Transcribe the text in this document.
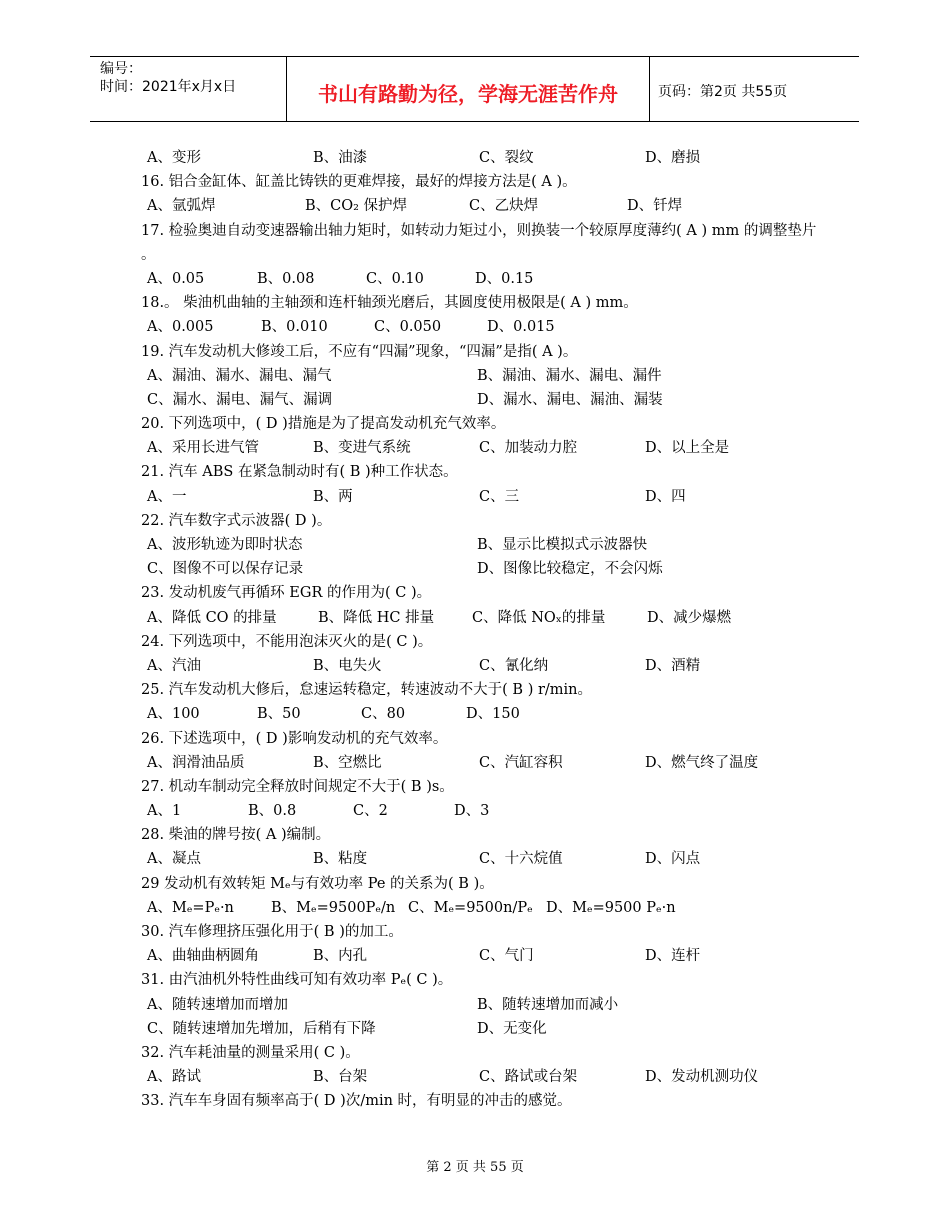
编号：
时间：2021年x月x日	书山有路勤为径，学海无涯苦作舟	页码：第2页 共55页
A、变形	B、油漆	C、裂纹	D、磨损
16. 铝合金缸体、缸盖比铸铁的更难焊接，最好的焊接方法是( A )。
A、氩弧焊	B、CO₂ 保护焊	C、乙炔焊	D、钎焊
17. 检验奥迪自动变速器输出轴力矩时，如转动力矩过小，则换装一个较原厚度薄约( A ) mm 的调整垫片 。
A、0.05	B、0.08	C、0.10	D、0.15
18.。 柴油机曲轴的主轴颈和连杆轴颈光磨后，其圆度使用极限是( A ) mm。
A、0.005	B、0.010	C、0.050	D、0.015
19. 汽车发动机大修竣工后，不应有“四漏”现象，“四漏”是指( A )。
A、漏油、漏水、漏电、漏气	B、漏油、漏水、漏电、漏件
C、漏水、漏电、漏气、漏调	D、漏水、漏电、漏油、漏装
20. 下列选项中，( D )措施是为了提高发动机充气效率。
A、采用长进气管	B、变进气系统	C、加装动力腔	D、以上全是
21. 汽车 ABS 在紧急制动时有( B )种工作状态。
A、一	B、两	C、三	D、四
22. 汽车数字式示波器( D )。
A、波形轨迹为即时状态	B、显示比模拟式示波器快
C、图像不可以保存记录	D、图像比较稳定，不会闪烁
23. 发动机废气再循环 EGR 的作用为( C )。
A、降低 CO 的排量	B、降低 HC 排量	C、降低 NOₓ的排量	D、减少爆燃
24. 下列选项中，不能用泡沫灭火的是( C )。
A、汽油	B、电失火	C、氰化纳	D、酒精
25. 汽车发动机大修后，怠速运转稳定，转速波动不大于( B ) r/min。
A、100	B、50	C、80	D、150
26. 下述选项中，( D )影响发动机的充气效率。
A、润滑油品质	B、空燃比	C、汽缸容积	D、燃气终了温度
27. 机动车制动完全释放时间规定不大于( B )s。
A、1	B、0.8	C、2	D、3
28. 柴油的牌号按( A )编制。
A、凝点	B、粘度	C、十六烷值	D、闪点
29 发动机有效转矩 Mₑ与有效功率 Pe 的关系为( B )。
A、Mₑ=Pₑ·n	B、Mₑ=9500Pₑ/n C、Mₑ=9500n/Pₑ D、Mₑ=9500 Pₑ·n
30. 汽车修理挤压强化用于( B )的加工。
A、曲轴曲柄圆角	B、内孔	C、气门	D、连杆
31. 由汽油机外特性曲线可知有效功率 Pₑ( C )。
A、随转速增加而增加	B、随转速增加而减小
C、随转速增加先增加，后稍有下降	D、无变化
32. 汽车耗油量的测量采用( C )。
A、路试	B、台架	C、路试或台架	D、发动机测功仪
33. 汽车车身固有频率高于( D )次/min 时，有明显的冲击的感觉。
第 2 页 共 55 页
